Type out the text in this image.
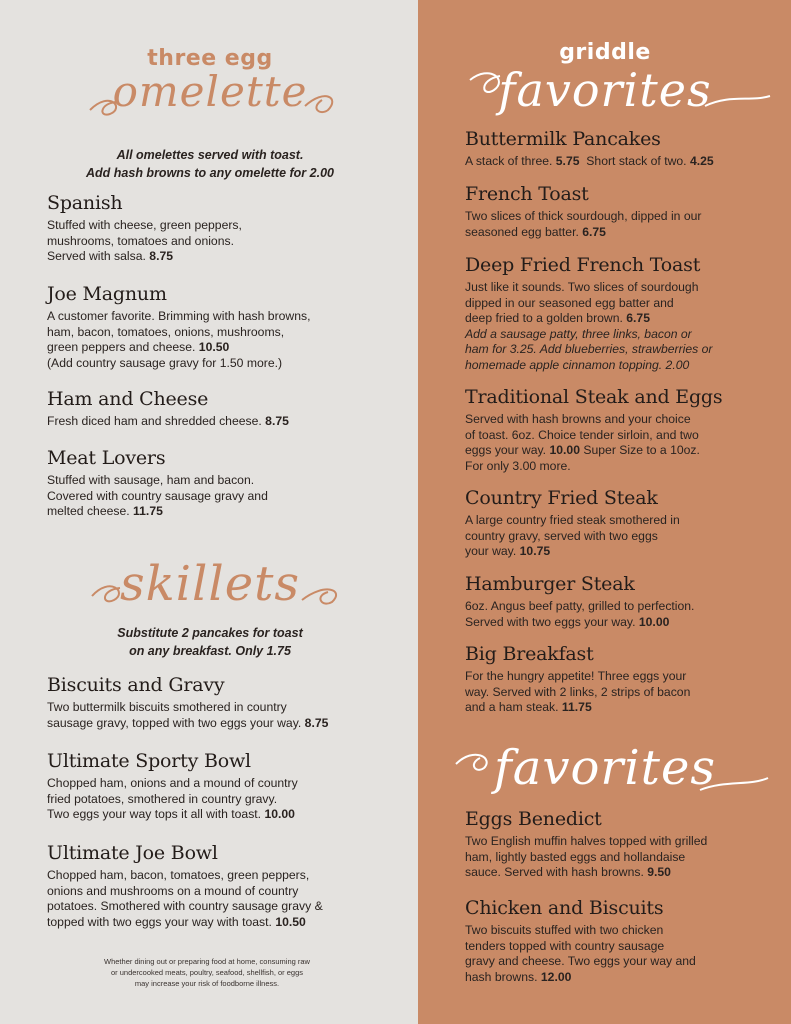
three egg
omelette
All omelettes served with toast.
Add hash browns to any omelette for 2.00
Spanish

Stuffed with cheese, green peppers,
mushrooms, tomatoes and onions.
Served with salsa. 8.75

Joe Magnum

A customer favorite. Brimming with hash browns,
ham, bacon, tomatoes, onions, mushrooms,
green peppers and cheese. 10.50
(Add country sausage gravy for 1.50 more.)

Ham and Cheese

Fresh diced ham and shredded cheese. 8.75

Meat Lovers

Stuffed with sausage, ham and bacon.
Covered with country sausage gravy and
melted cheese. 11.75

skillets
Substitute 2 pancakes for toast
on any breakfast. Only 1.75
Biscuits and Gravy

Two buttermilk biscuits smothered in country
sausage gravy, topped with two eggs your way. 8.75

Ultimate Sporty Bowl

Chopped ham, onions and a mound of country
fried potatoes, smothered in country gravy.
Two eggs your way tops it all with toast. 10.00

Ultimate Joe Bowl

Chopped ham, bacon, tomatoes, green peppers,
onions and mushrooms on a mound of country
potatoes. Smothered with country sausage gravy &
topped with two eggs your way with toast. 10.50

Whether dining out or preparing food at home, consuming raw
or undercooked meats, poultry, seafood, shellfish, or eggs
may increase your risk of foodborne illness.
griddle
favorites
Buttermilk Pancakes

A stack of three. 5.75 Short stack of two. 4.25

French Toast

Two slices of thick sourdough, dipped in our
seasoned egg batter. 6.75

Deep Fried French Toast

Just like it sounds. Two slices of sourdough
dipped in our seasoned egg batter and
deep fried to a golden brown. 6.75

Add a sausage patty, three links, bacon or
ham for 3.25. Add blueberries, strawberries or
homemade apple cinnamon topping. 2.00

Traditional Steak and Eggs

Served with hash browns and your choice
of toast. 6oz. Choice tender sirloin, and two
eggs your way. 10.00 Super Size to a 10oz.
For only 3.00 more.

Country Fried Steak

A large country fried steak smothered in
country gravy, served with two eggs
your way. 10.75

Hamburger Steak

6oz. Angus beef patty, grilled to perfection.
Served with two eggs your way. 10.00

Big Breakfast

For the hungry appetite! Three eggs your
way. Served with 2 links, 2 strips of bacon
and a ham steak. 11.75

favorites
Eggs Benedict

Two English muffin halves topped with grilled
ham, lightly basted eggs and hollandaise
sauce. Served with hash browns. 9.50

Chicken and Biscuits

Two biscuits stuffed with two chicken
tenders topped with country sausage
gravy and cheese. Two eggs your way and
hash browns. 12.00
